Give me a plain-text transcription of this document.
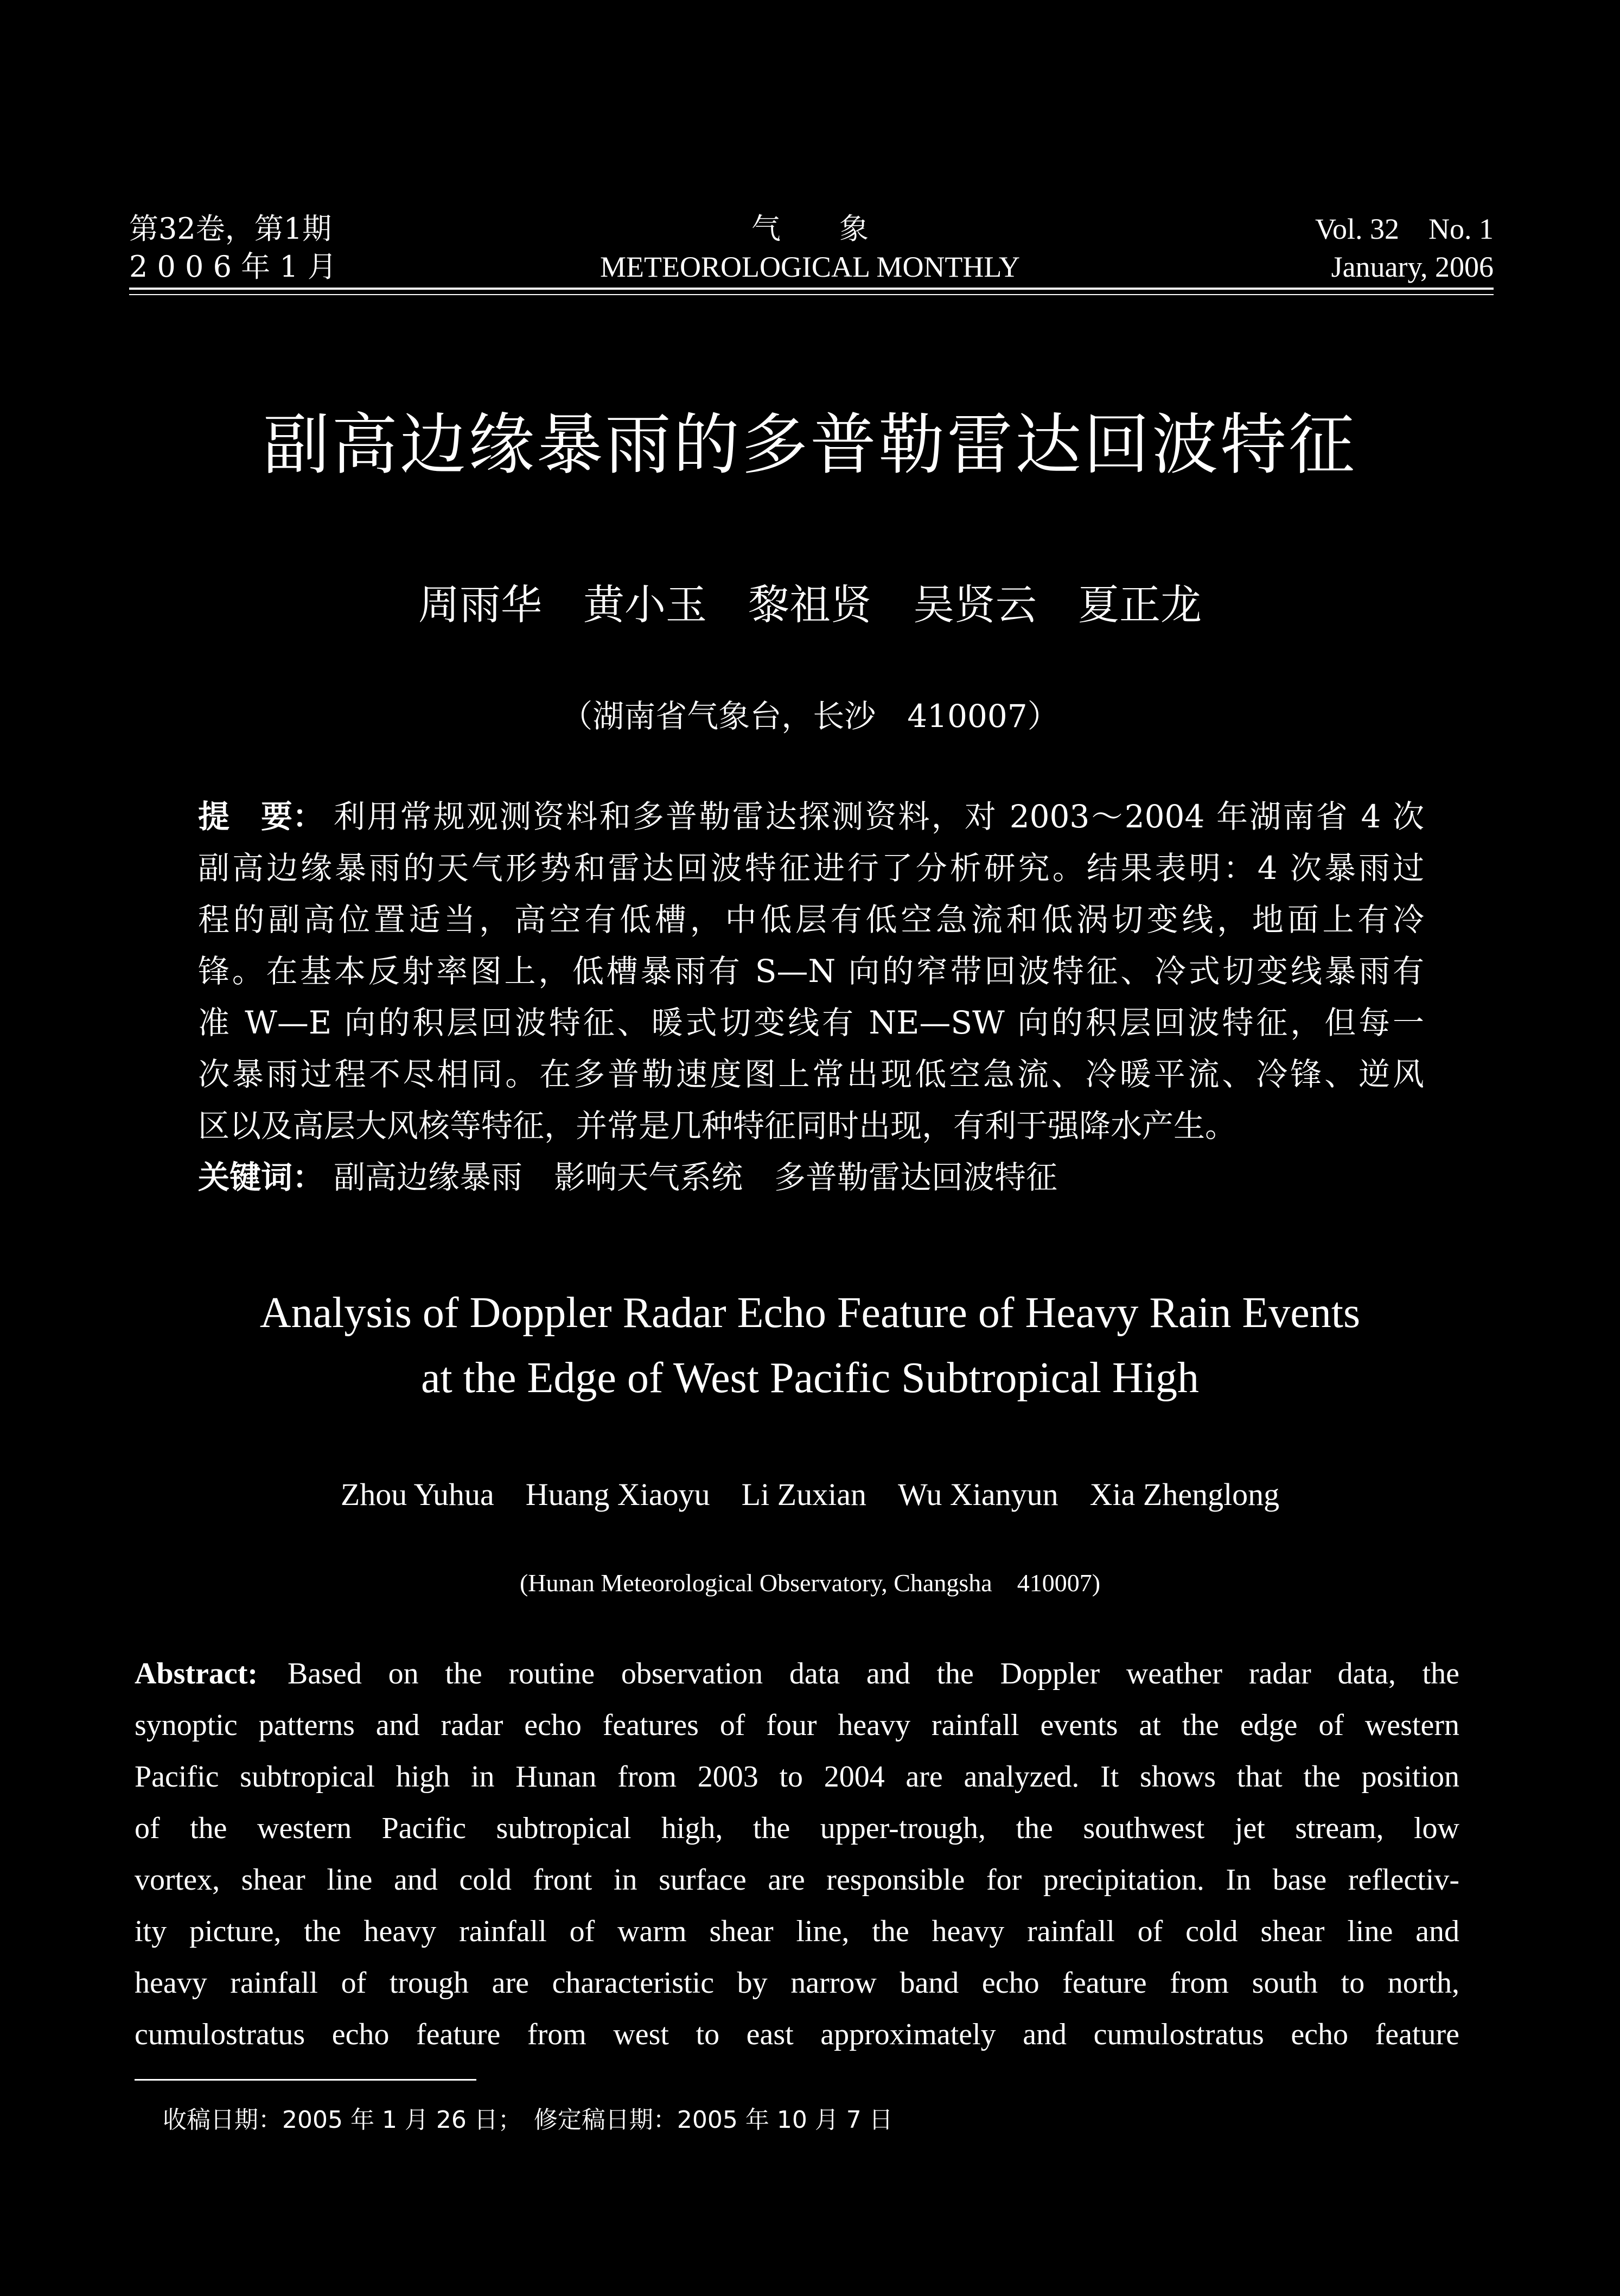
第32卷，第1期
2 0 0 6 年 1 月
气　　象
METEOROLOGICAL MONTHLY
Vol. 32　No. 1
January, 2006
副高边缘暴雨的多普勒雷达回波特征
周雨华　黄小玉　黎祖贤　吴贤云　夏正龙
（湖南省气象台，长沙　410007）
提　要： 利用常规观测资料和多普勒雷达探测资料，对 2003～2004 年湖南省 4 次
副高边缘暴雨的天气形势和雷达回波特征进行了分析研究。结果表明：4 次暴雨过
程的副高位置适当，高空有低槽，中低层有低空急流和低涡切变线，地面上有冷
锋。在基本反射率图上，低槽暴雨有 S—N 向的窄带回波特征、冷式切变线暴雨有
准 W—E 向的积层回波特征、暖式切变线有 NE—SW 向的积层回波特征，但每一
次暴雨过程不尽相同。在多普勒速度图上常出现低空急流、冷暖平流、冷锋、逆风
区以及高层大风核等特征，并常是几种特征同时出现，有利于强降水产生。
关键词： 副高边缘暴雨　影响天气系统　多普勒雷达回波特征
Analysis of Doppler Radar Echo Feature of Heavy Rain Events
at the Edge of West Pacific Subtropical High
Zhou Yuhua　Huang Xiaoyu　Li Zuxian　Wu Xianyun　Xia Zhenglong
(Hunan Meteorological Observatory, Changsha　410007)
Abstract: Based on the routine observation data and the Doppler weather radar data, the
synoptic patterns and radar echo features of four heavy rainfall events at the edge of western
Pacific subtropical high in Hunan from 2003 to 2004 are analyzed. It shows that the position
of the western Pacific subtropical high, the upper-trough, the southwest jet stream, low
vortex, shear line and cold front in surface are responsible for precipitation. In base reflectiv-
ity picture, the heavy rainfall of warm shear line, the heavy rainfall of cold shear line and
heavy rainfall of trough are characteristic by narrow band echo feature from south to north,
cumulostratus echo feature from west to east approximately and cumulostratus echo feature
收稿日期：2005 年 1 月 26 日；　修定稿日期：2005 年 10 月 7 日
